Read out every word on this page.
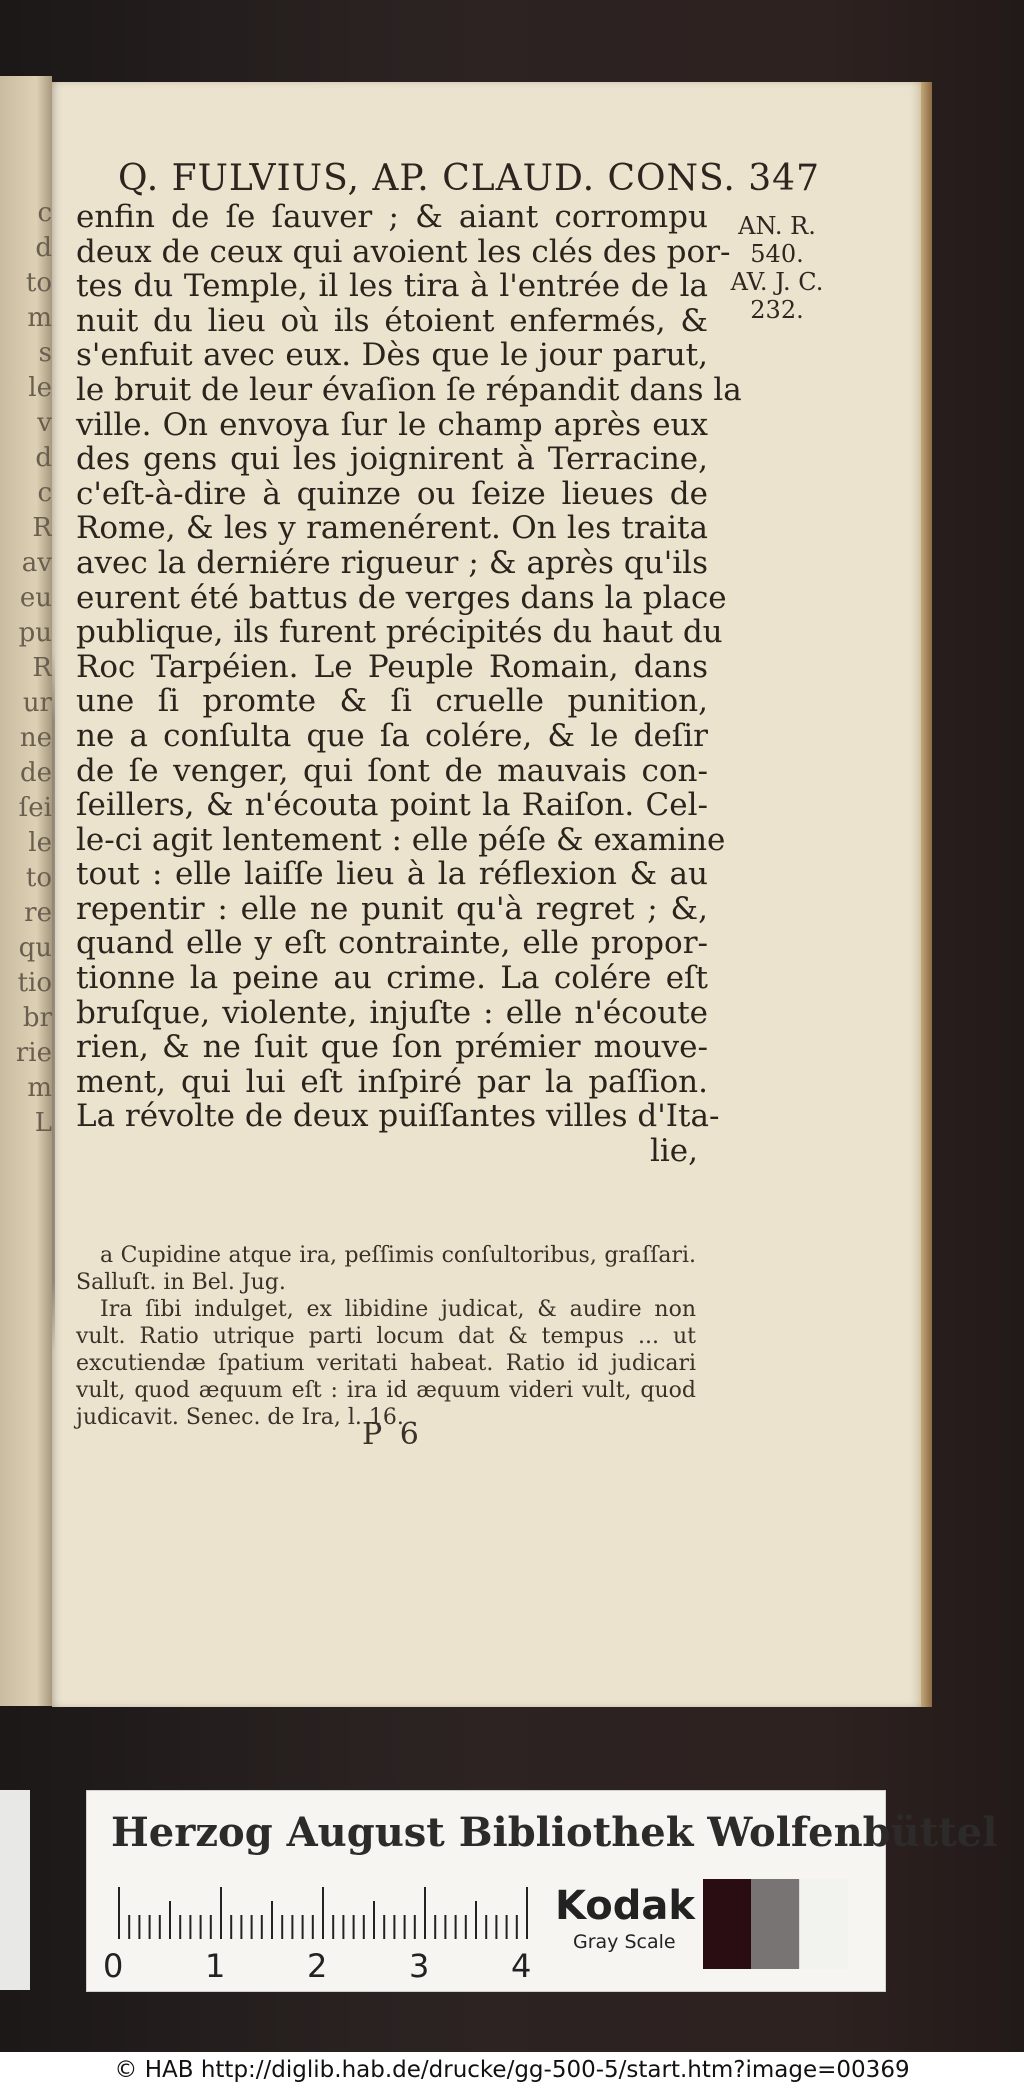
c
d
to
m
s
le
v
d
c
R
av
eu
pu
R
ur
ne
de
ſei
le
to
re
qu
tio
br
rie
m
L
Q. FULVIUS, AP. CLAUD. CONS. 347
AN. R.
540.
AV. J. C.
232.
enfin de ſe ſauver ; & aiant corrompu
deux de ceux qui avoient les clés des por-
tes du Temple, il les tira à l'entrée de la
nuit du lieu où ils étoient enfermés, &
s'enfuit avec eux. Dès que le jour parut,
le bruit de leur évaſion ſe répandit dans la
ville. On envoya ſur le champ après eux
des gens qui les joignirent à Terracine,
c'eſt-à-dire à quinze ou ſeize lieues de
Rome, & les y ramenérent. On les traita
avec la derniére rigueur ; & après qu'ils
eurent été battus de verges dans la place
publique, ils furent précipités du haut du
Roc Tarpéien. Le Peuple Romain, dans
une ſi promte & ſi cruelle punition,
ne a conſulta que ſa colére, & le deſir
de ſe venger, qui ſont de mauvais con-
ſeillers, & n'écouta point la Raiſon. Cel-
le-ci agit lentement : elle péſe & examine
tout : elle laiſſe lieu à la réflexion & au
repentir : elle ne punit qu'à regret ; &,
quand elle y eſt contrainte, elle propor-
tionne la peine au crime. La colére eſt
bruſque, violente, injuſte : elle n'écoute
rien, & ne ſuit que ſon prémier mouve-
ment, qui lui eſt inſpiré par la paſſion.
La révolte de deux puiſſantes villes d'Ita-
lie,

a Cupidine atque ira, peſſimis conſultoribus, graſſari. Salluſt. in Bel. Jug.

Ira ſibi indulget, ex libidine judicat, & audire non vult. Ratio utrique parti locum dat & tempus ... ut excutiendæ ſpatium veritati habeat. Ratio id judicari vult, quod æquum eſt : ira id æquum videri vult, quod judicavit. Senec. de Ira, l. 16.

P 6
Herzog August Bibliothek Wolfenbüttel
0	1	2	3	4
Kodak
Gray Scale
© HAB http://diglib.hab.de/drucke/gg-500-5/start.htm?image=00369
